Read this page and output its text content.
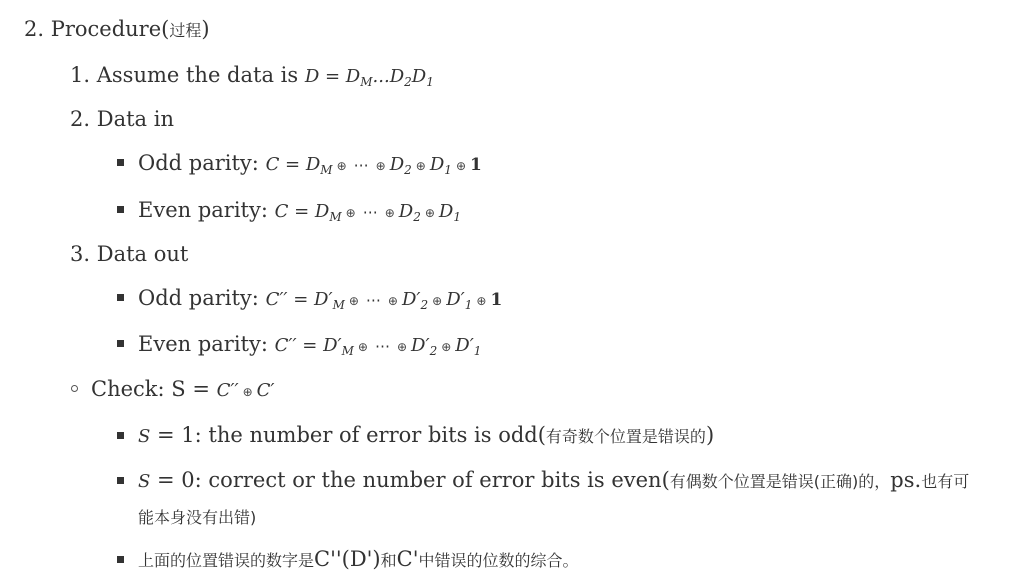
2. Procedure(过程)
1. Assume the data is $D = D_M...D_2D_1$
2. Data in
Odd parity: $C = D_M$ ⊕ ⋯ ⊕ $D_2$ ⊕ $D_1$ ⊕ 1
Even parity: $C = D_M$ ⊕ ⋯ ⊕ $D_2$ ⊕ $D_1$
3. Data out
Odd parity: $C'' = D'_M$ ⊕ ⋯ ⊕ $D'_2$ ⊕ $D'_1$ ⊕ 1
Even parity: $C'' = D'_M$ ⊕ ⋯ ⊕ $D'_2$ ⊕ $D'_1$
Check: S = C′′ ⊕ C′
S = 1: the number of error bits is odd(有奇数个位置是错误的)
S = 0: correct or the number of error bits is even(有偶数个位置是错误(正确)的，ps.也有可
能本身没有出错)
上面的位置错误的数字是C''(D')和C'中错误的位数的综合。
